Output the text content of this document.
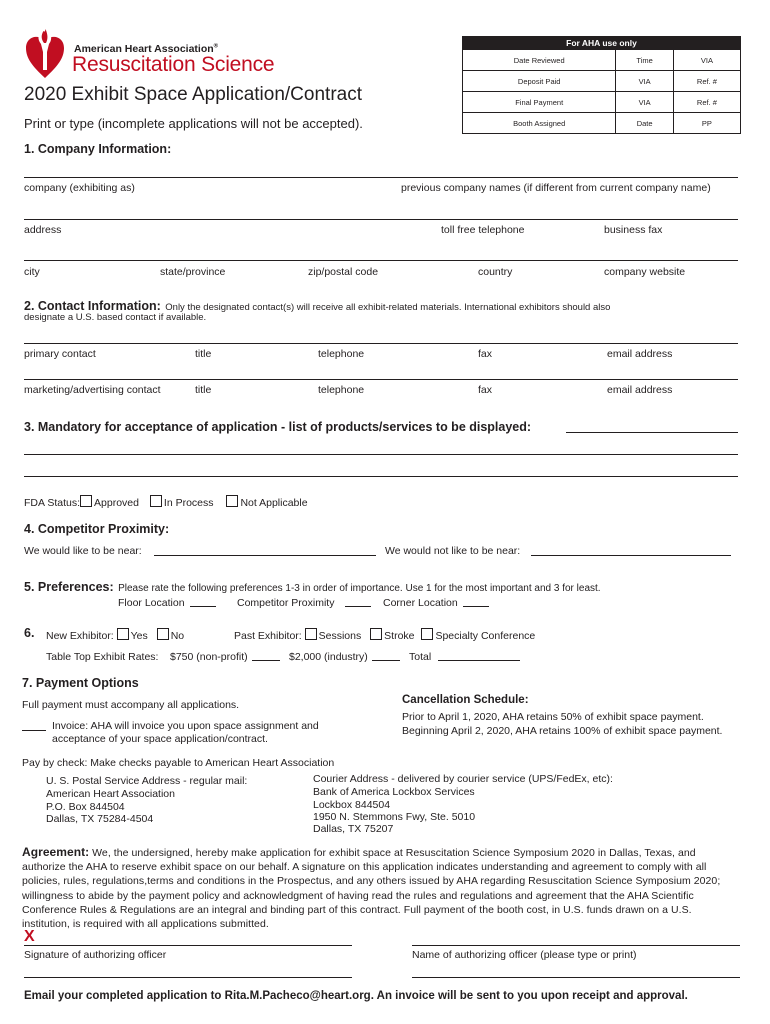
American Heart Association®
Resuscitation Science
2020 Exhibit Space Application/Contract
Print or type (incomplete applications will not be accepted).
For AHA use only		
Date Reviewed	Time	VIA
Deposit Paid	VIA	Ref. #
Final Payment	VIA	Ref. #
Booth Assigned	Date	PP
1. Company Information:
company (exhibiting as)	previous company names (if different from current company name)
address	toll free telephone	business fax
city	state/province	zip/postal code	country	company website
2. Contact Information: Only the designated contact(s) will receive all exhibit-related materials. International exhibitors should also
designate a U.S. based contact if available.
primary contact	title	telephone	fax	email address
marketing/advertising contact	title	telephone	fax	email address
3. Mandatory for acceptance of application - list of products/services to be displayed:
FDA Status: Approved In Process	Not Applicable
4. Competitor Proximity:
We would like to be near:	We would not like to be near:
5. Preferences: Please rate the following preferences 1-3 in order of importance. Use 1 for the most important and 3 for least.
Floor Location	Competitor Proximity	Corner Location
6. New Exhibitor: Yes No	Past Exhibitor: Sessions Stroke Specialty Conference
Table Top Exhibit Rates: $750 (non-profit)	$2,000 (industry)	Total
7. Payment Options
Full payment must accompany all applications.
Invoice: AHA will invoice you upon space assignment and
acceptance of your space application/contract.
Cancellation Schedule:
Prior to April 1, 2020, AHA retains 50% of exhibit space payment.
Beginning April 2, 2020, AHA retains 100% of exhibit space payment.
Pay by check: Make checks payable to American Heart Association
U. S. Postal Service Address - regular mail:
American Heart Association
P.O. Box 844504
Dallas, TX 75284-4504
Courier Address - delivered by courier service (UPS/FedEx, etc):
Bank of America Lockbox Services
Lockbox 844504
1950 N. Stemmons Fwy, Ste. 5010
Dallas, TX 75207
Agreement: We, the undersigned, hereby make application for exhibit space at Resuscitation Science Symposium 2020 in Dallas, Texas, and
authorize the AHA to reserve exhibit space on our behalf. A signature on this application indicates understanding and agreement to comply with all
policies, rules, regulations,terms and conditions in the Prospectus, and any others issued by AHA regarding Resuscitation Science Symposium 2020;
willingness to abide by the payment policy and acknowledgment of having read the rules and regulations and agreement that the AHA Scientific
Conference Rules & Regulations are an integral and binding part of this contract. Full payment of the booth cost, in U.S. funds drawn on a U.S.
institution, is required with all applications submitted.
X
Signature of authorizing officer	Name of authorizing officer (please type or print)
Email your completed application to Rita.M.Pacheco@heart.org. An invoice will be sent to you upon receipt and approval.
